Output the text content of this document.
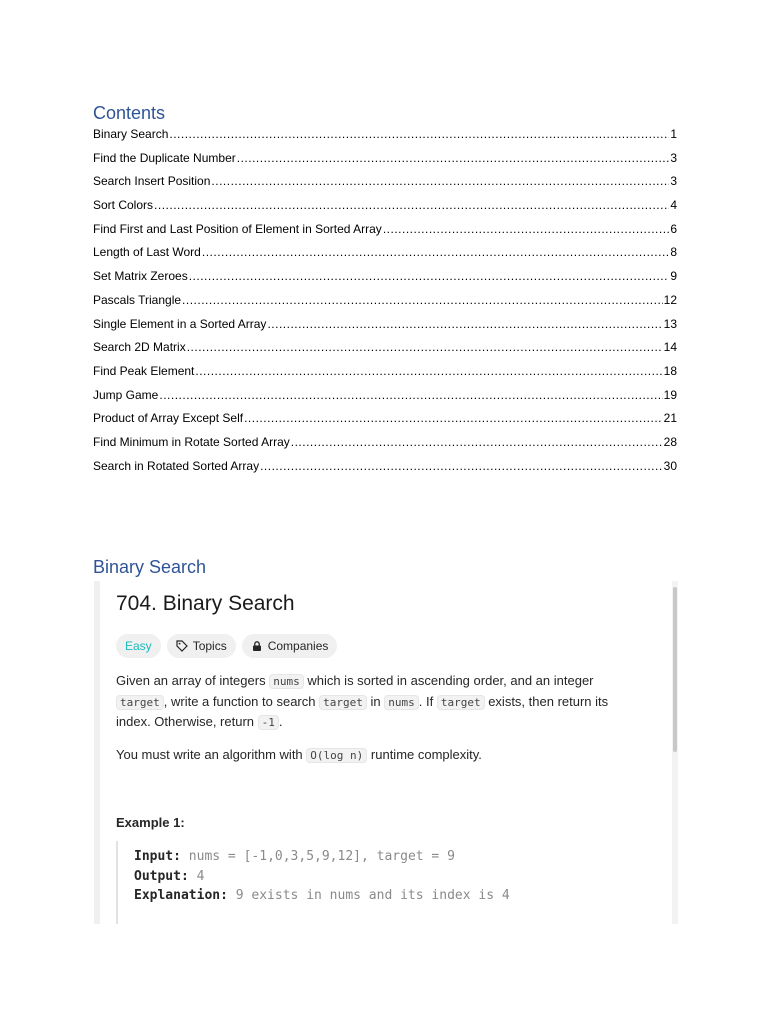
Contents
Binary Search .....	1
Find the Duplicate Number .....	3
Search Insert Position .....	3
Sort Colors .....	4
Find First and Last Position of Element in Sorted Array .....	6
Length of Last Word .....	8
Set Matrix Zeroes .....	9
Pascals Triangle .....	12
Single Element in a Sorted Array .....	13
Search 2D Matrix .....	14
Find Peak Element .....	18
Jump Game .....	19
Product of Array Except Self .....	21
Find Minimum in Rotate Sorted Array .....	28
Search in Rotated Sorted Array .....	30
Binary Search
704. Binary Search
Easy	Topics	Companies

Given an array of integers nums which is sorted in ascending order, and an integer target , write a function to search target in nums . If target exists, then return its index. Otherwise, return -1 .

You must write an algorithm with O(log n) runtime complexity.

Example 1:

Input: nums = [-1,0,3,5,9,12], target = 9
Output: 4
Explanation: 9 exists in nums and its index is 4
